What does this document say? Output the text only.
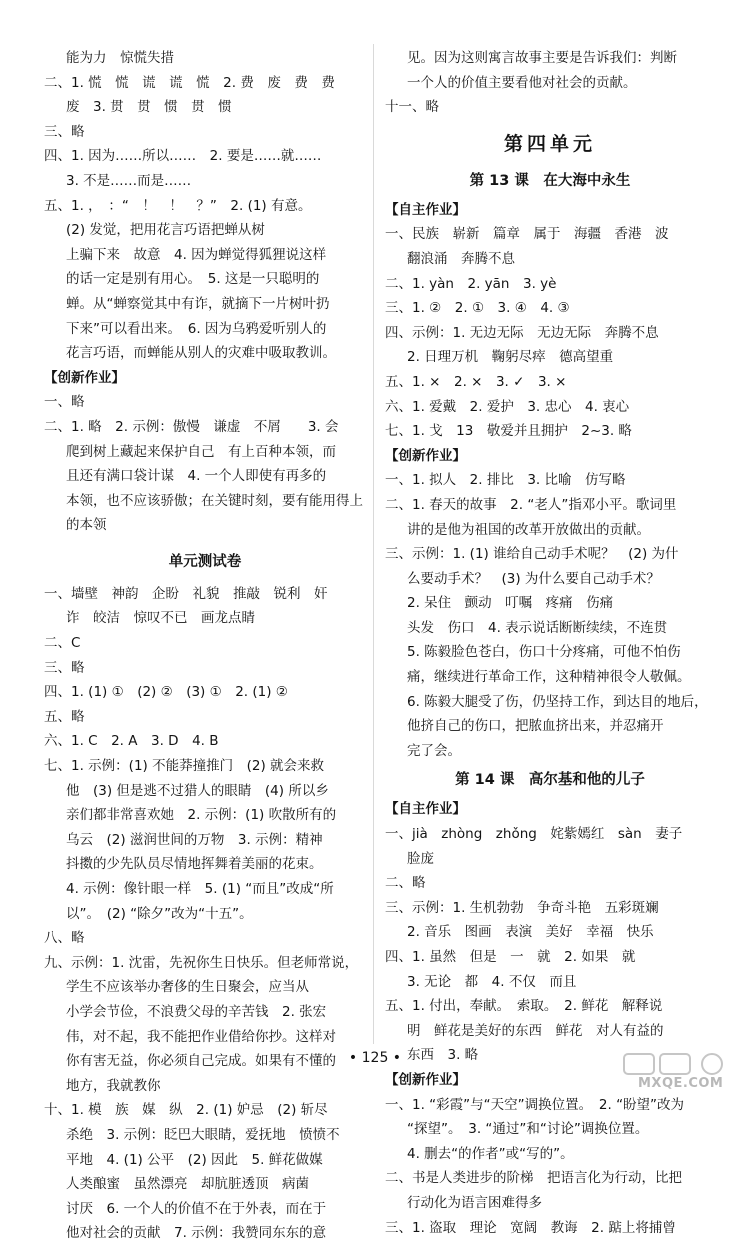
能为力　惊慌失措
二、1. 慌　慌　谎　谎　慌　2. 费　废　费　费
废　3. 贯　贯　惯　贯　惯
三、略
四、1. 因为……所以……　2. 要是……就……
3. 不是……而是……
五、1. ，　：“　！　！　？”　2. (1) 有意。
(2) 发觉，把用花言巧语把蝉从树
上骗下来　故意　4. 因为蝉觉得狐狸说这样
的话一定是别有用心。　5. 这是一只聪明的
蝉。从“蝉察觉其中有诈，就摘下一片树叶扔
下来”可以看出来。　6. 因为乌鸦爱听别人的
花言巧语，而蝉能从别人的灾难中吸取教训。
【创新作业】
一、略
二、1. 略　2. 示例：傲慢　谦虚　不屑　　3. 会
爬到树上藏起来保护自己　有上百种本领，而
且还有满口袋计谋　4. 一个人即使有再多的
本领，也不应该骄傲；在关键时刻，要有能用得上
的本领
单元测试卷
一、墙壁　神韵　企盼　礼貌　推敲　锐利　奸
诈　皎洁　惊叹不已　画龙点睛
二、C
三、略
四、1. (1) ①　(2) ②　(3) ①　2. (1) ②
五、略
六、1. C　2. A　3. D　4. B
七、1. 示例：(1) 不能莽撞推门　(2) 就会来救
他　(3) 但是逃不过猎人的眼睛　(4) 所以乡
亲们都非常喜欢她　2. 示例：(1) 吹散所有的
乌云　(2) 滋润世间的万物　3. 示例：精神
抖擞的少先队员尽情地挥舞着美丽的花束。
4. 示例：像针眼一样　5. (1) “而且”改成“所
以”。　(2) “除夕”改为“十五”。
八、略
九、示例：1. 沈雷，先祝你生日快乐。但老师常说，
学生不应该举办奢侈的生日聚会，应当从
小学会节俭，不浪费父母的辛苦钱　2. 张宏
伟，对不起，我不能把作业借给你抄。这样对
你有害无益，你必须自己完成。如果有不懂的
地方，我就教你
十、1. 模　族　媒　纵　2. (1) 妒忌　(2) 斩尽
杀绝　3. 示例：眨巴大眼睛，爱抚地　愤愤不
平地　4. (1) 公平　(2) 因此　5. 鲜花做媒
人类酿蜜　虽然漂亮　却肮脏透顶　病菌
讨厌　6. 一个人的价值不在于外表，而在于
他对社会的贡献　7. 示例：我赞同东东的意
见。因为这则寓言故事主要是告诉我们：判断
一个人的价值主要看他对社会的贡献。
十一、略
第四单元
第 13 课　在大海中永生
【自主作业】
一、民族　崭新　篇章　属于　海疆　香港　波
翻浪涌　奔腾不息
二、1. yàn　2. yān　3. yè
三、1. ②　2. ①　3. ④　4. ③
四、示例：1. 无边无际　无边无际　奔腾不息
2. 日理万机　鞠躬尽瘁　德高望重
五、1. ×　2. ×　3. ✓　3. ×
六、1. 爱戴　2. 爱护　3. 忠心　4. 衷心
七、1. 戈　13　敬爱并且拥护　2~3. 略
【创新作业】
一、1. 拟人　2. 排比　3. 比喻　仿写略
二、1. 春天的故事　2. “老人”指邓小平。歌词里
讲的是他为祖国的改革开放做出的贡献。
三、示例：1. (1) 谁给自己动手术呢？　(2) 为什
么要动手术？　(3) 为什么要自己动手术？
2. 呆住　颤动　叮嘱　疼痛　伤痛
头发　伤口　4. 表示说话断断续续，不连贯
5. 陈毅脸色苍白，伤口十分疼痛，可他不怕伤
痛，继续进行革命工作，这种精神很令人敬佩。
6. 陈毅大腿受了伤，仍坚持工作，到达目的地后，
他挤自己的伤口，把脓血挤出来，并忍痛开
完了会。
第 14 课　高尔基和他的儿子
【自主作业】
一、jià　zhòng　zhǒng　姹紫嫣红　sàn　妻子
脸庞
二、略
三、示例：1. 生机勃勃　争奇斗艳　五彩斑斓
2. 音乐　图画　表演　美好　幸福　快乐
四、1. 虽然　但是　一　就　2. 如果　就
3. 无论　都　4. 不仅　而且
五、1. 付出，奉献。　索取。　2. 鲜花　解释说
明　鲜花是美好的东西　鲜花　对人有益的
东西　3. 略
【创新作业】
一、1. “彩霞”与“天空”调换位置。　2. “盼望”改为
“探望”。　3. “通过”和“讨论”调换位置。
4. 删去“的作者”或“写的”。
二、书是人类进步的阶梯　把语言化为行动，比把
行动化为语言困难得多
三、1. 盗取　理论　宽阔　教诲　2. 踮上将捕曾
• 125 •
MXQE.COM
